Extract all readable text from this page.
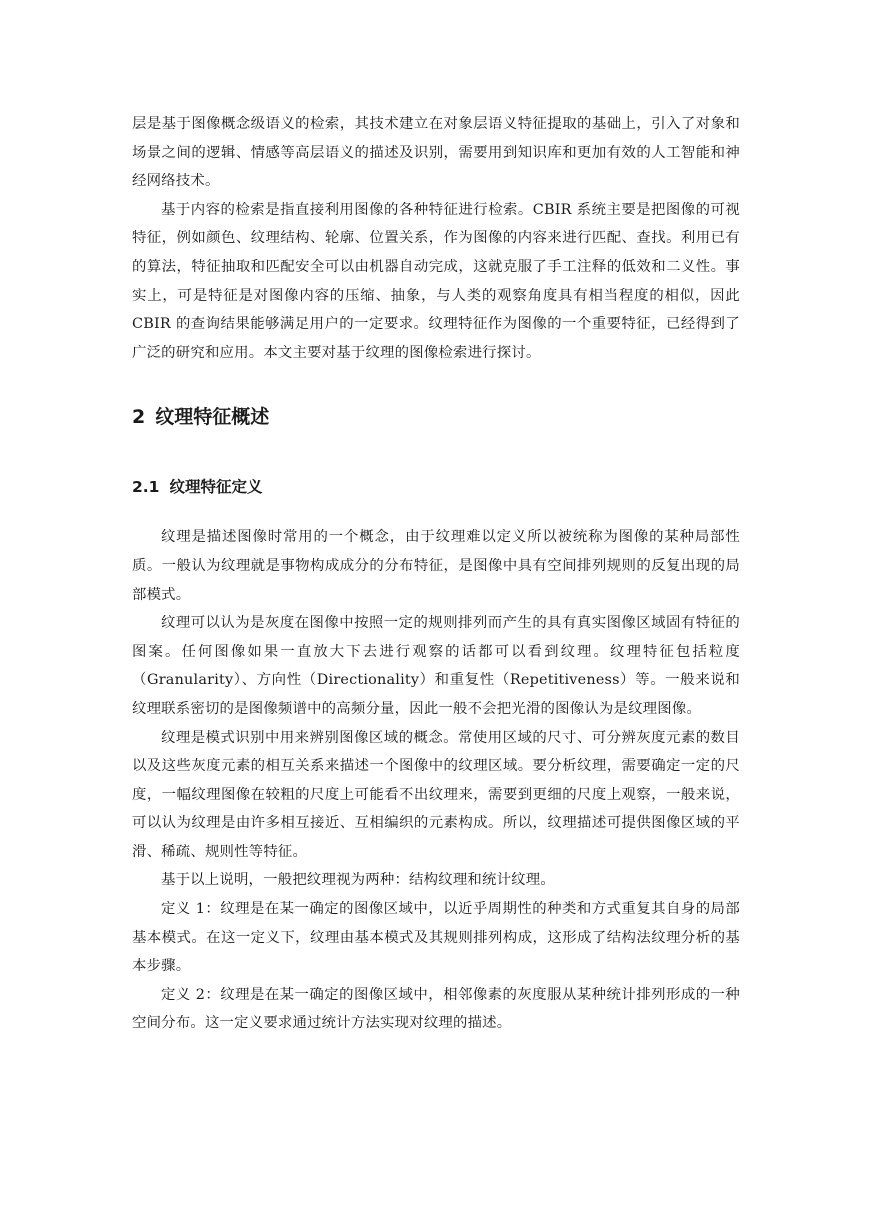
层是基于图像概念级语义的检索，其技术建立在对象层语义特征提取的基础上，引入了对象和场景之间的逻辑、情感等高层语义的描述及识别，需要用到知识库和更加有效的人工智能和神经网络技术。

基于内容的检索是指直接利用图像的各种特征进行检索。CBIR 系统主要是把图像的可视特征，例如颜色、纹理结构、轮廓、位置关系，作为图像的内容来进行匹配、查找。利用已有的算法，特征抽取和匹配安全可以由机器自动完成，这就克服了手工注释的低效和二义性。事实上，可是特征是对图像内容的压缩、抽象，与人类的观察角度具有相当程度的相似，因此 CBIR 的查询结果能够满足用户的一定要求。纹理特征作为图像的一个重要特征，已经得到了广泛的研究和应用。本文主要对基于纹理的图像检索进行探讨。

2 纹理特征概述
2.1 纹理特征定义

纹理是描述图像时常用的一个概念，由于纹理难以定义所以被统称为图像的某种局部性质。一般认为纹理就是事物构成成分的分布特征，是图像中具有空间排列规则的反复出现的局部模式。

纹理可以认为是灰度在图像中按照一定的规则排列而产生的具有真实图像区域固有特征的图案。任何图像如果一直放大下去进行观察的话都可以看到纹理。纹理特征包括粒度（Granularity）、方向性（Directionality）和重复性（Repetitiveness）等。一般来说和纹理联系密切的是图像频谱中的高频分量，因此一般不会把光滑的图像认为是纹理图像。

纹理是模式识别中用来辨别图像区域的概念。常使用区域的尺寸、可分辨灰度元素的数目以及这些灰度元素的相互关系来描述一个图像中的纹理区域。要分析纹理，需要确定一定的尺度，一幅纹理图像在较粗的尺度上可能看不出纹理来，需要到更细的尺度上观察，一般来说，可以认为纹理是由许多相互接近、互相编织的元素构成。所以，纹理描述可提供图像区域的平滑、稀疏、规则性等特征。

基于以上说明，一般把纹理视为两种：结构纹理和统计纹理。

定义 1：纹理是在某一确定的图像区域中，以近乎周期性的种类和方式重复其自身的局部基本模式。在这一定义下，纹理由基本模式及其规则排列构成，这形成了结构法纹理分析的基本步骤。

定义 2：纹理是在某一确定的图像区域中，相邻像素的灰度服从某种统计排列形成的一种空间分布。这一定义要求通过统计方法实现对纹理的描述。
